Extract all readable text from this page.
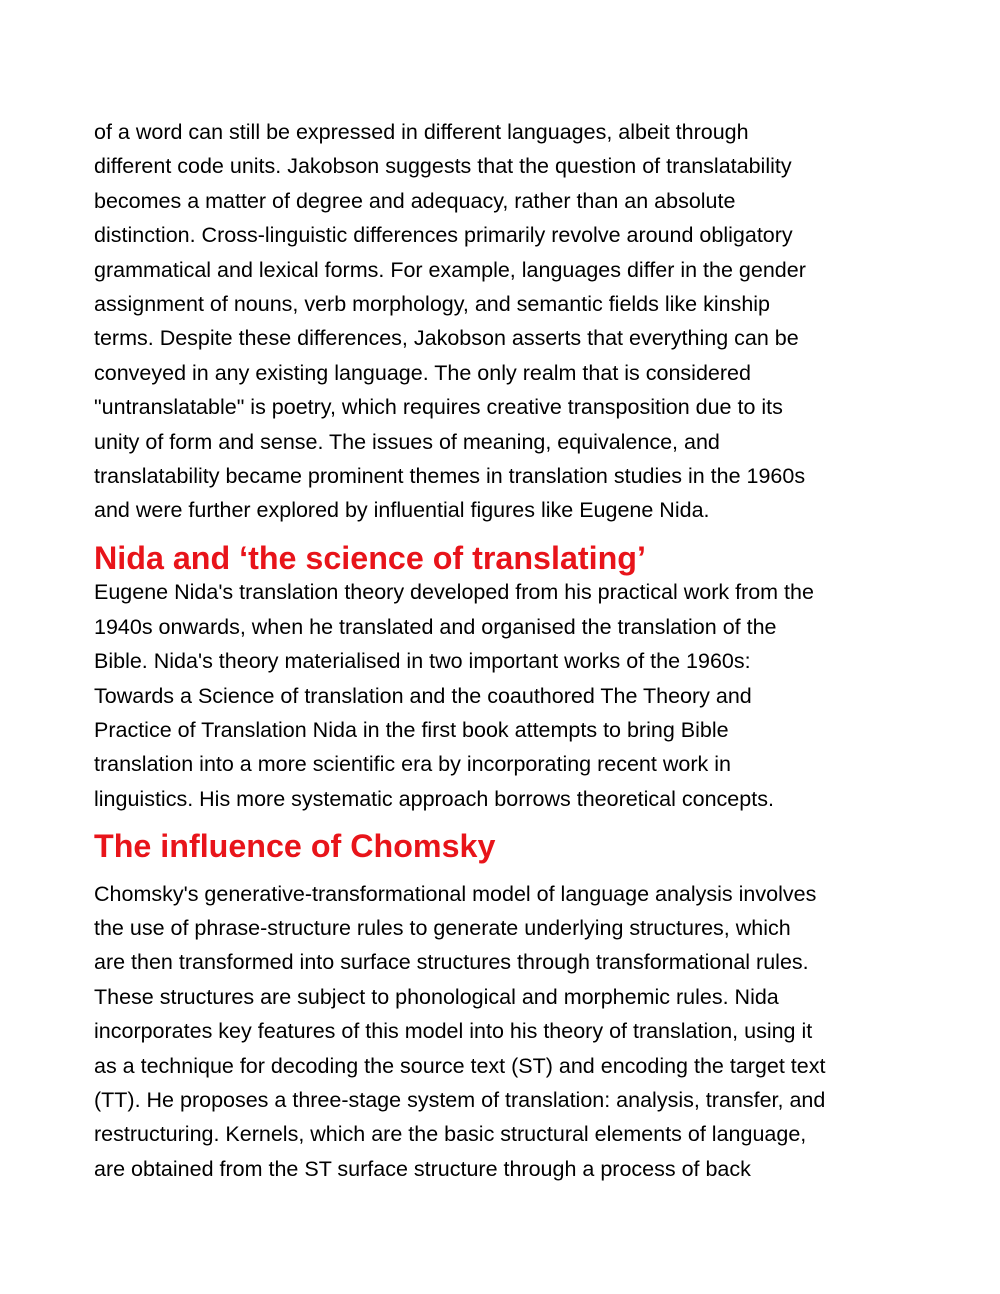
of a word can still be expressed in different languages, albeit through
different code units. Jakobson suggests that the question of translatability
becomes a matter of degree and adequacy, rather than an absolute
distinction. Cross-linguistic differences primarily revolve around obligatory
grammatical and lexical forms. For example, languages differ in the gender
assignment of nouns, verb morphology, and semantic fields like kinship
terms. Despite these differences, Jakobson asserts that everything can be
conveyed in any existing language. The only realm that is considered
"untranslatable" is poetry, which requires creative transposition due to its
unity of form and sense. The issues of meaning, equivalence, and
translatability became prominent themes in translation studies in the 1960s
and were further explored by influential figures like Eugene Nida.

Nida and ‘the science of translating’

Eugene Nida's translation theory developed from his practical work from the
1940s onwards, when he translated and organised the translation of the
Bible. Nida's theory materialised in two important works of the 1960s:
Towards a Science of translation and the coauthored The Theory and
Practice of Translation Nida in the first book attempts to bring Bible
translation into a more scientific era by incorporating recent work in
linguistics. His more systematic approach borrows theoretical concepts.

The influence of Chomsky

Chomsky's generative-transformational model of language analysis involves
the use of phrase-structure rules to generate underlying structures, which
are then transformed into surface structures through transformational rules.
These structures are subject to phonological and morphemic rules. Nida
incorporates key features of this model into his theory of translation, using it
as a technique for decoding the source text (ST) and encoding the target text
(TT). He proposes a three-stage system of translation: analysis, transfer, and
restructuring. Kernels, which are the basic structural elements of language,
are obtained from the ST surface structure through a process of back
